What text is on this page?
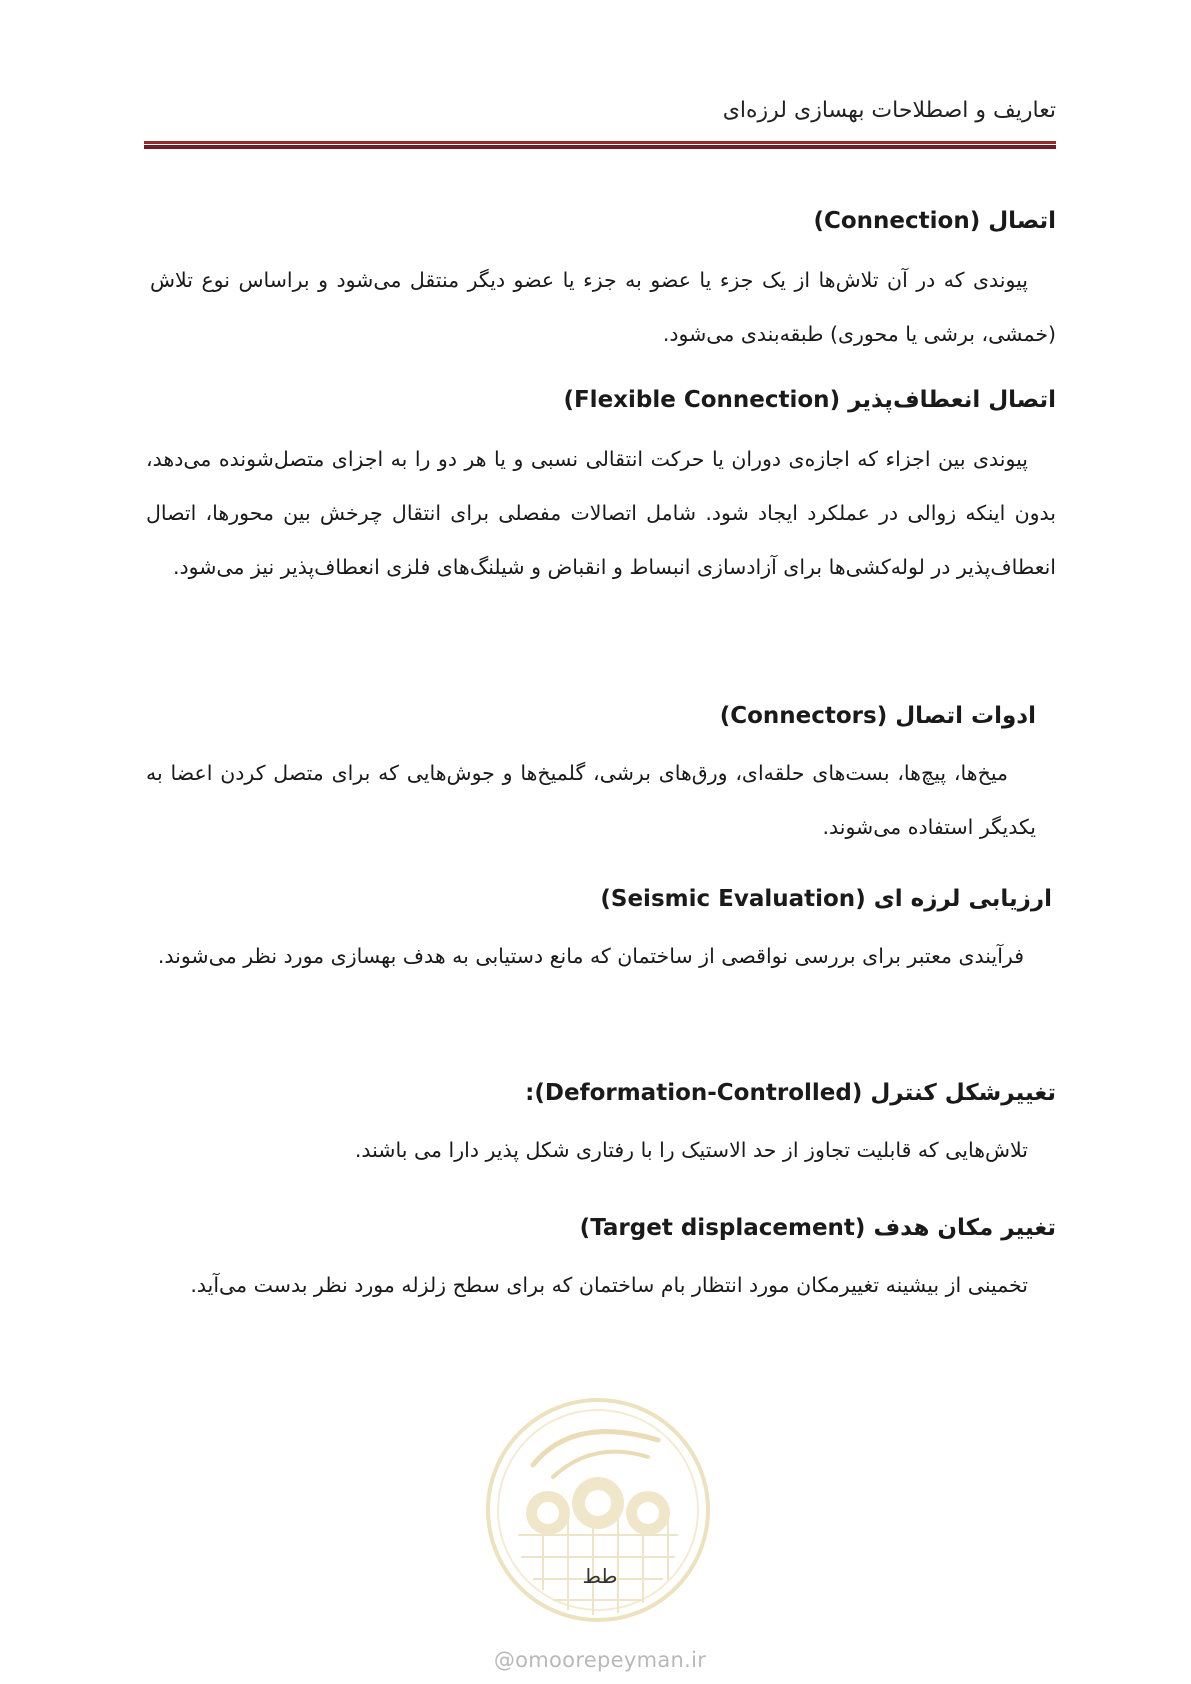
تعاریف و اصطلاحات بهسازی لرزه‌ای
اتصال (Connection)

پیوندی که در آن تلاش‌ها از یک جزء یا عضو به جزء یا عضو دیگر منتقل می‌شود و براساس نوع تلاش (خمشی، برشی یا محوری) طبقه‌بندی می‌شود.

اتصال انعطاف‌پذیر (Flexible Connection)

پیوندی بین اجزاء که اجازه‌ی دوران یا حرکت انتقالی نسبی و یا هر دو را به اجزای متصل‌شونده می‌دهد، بدون اینکه زوالی در عملکرد ایجاد شود. شامل اتصالات مفصلی برای انتقال چرخش بین محورها، اتصال انعطاف‌پذیر در لوله‌کشی‌ها برای آزادسازی انبساط و انقباض و شیلنگ‌های فلزی انعطاف‌پذیر نیز می‌شود.

ادوات اتصال (Connectors)

میخ‌ها، پیچ‌ها، بست‌های حلقه‌ای، ورق‌های برشی، گلمیخ‌ها و جوش‌هایی که برای متصل کردن اعضا به یکدیگر استفاده می‌شوند.

ارزیابی لرزه ای (Seismic Evaluation)

فرآیندی معتبر برای بررسی نواقصی از ساختمان که مانع دستیابی به هدف بهسازی مورد نظر می‌شوند.

تغییرشکل کنترل (Deformation-Controlled):

تلاش‌هایی که قابلیت تجاوز از حد الاستیک را با رفتاری شکل پذیر دارا می باشند.

تغییر مکان هدف (Target displacement)

تخمینی از بیشینه تغییرمکان مورد انتظار بام ساختمان که برای سطح زلزله مورد نظر بدست می‌آید.

طط
@omoorepeyman.ir
